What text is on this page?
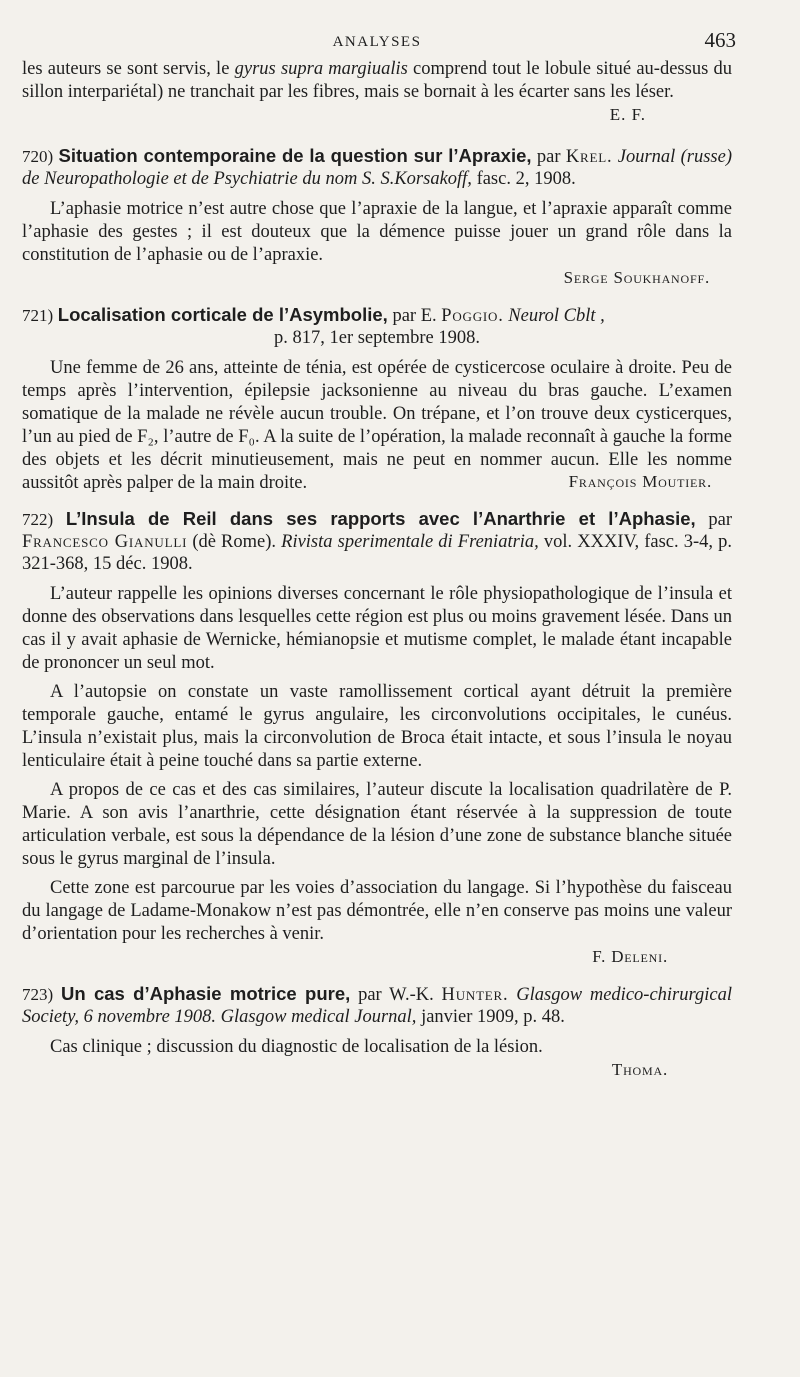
ANALYSES	463

les auteurs se sont servis, le gyrus supra margiualis comprend tout le lobule situé au-dessus du sillon interpariétal) ne tranchait par les fibres, mais se bornait à les écarter sans les léser.

E. F.

720) Situation contemporaine de la question sur l’Apraxie, par Krel. Journal (russe) de Neuropathologie et de Psychiatrie du nom S. S.Korsakoff, fasc. 2, 1908.

L’aphasie motrice n’est autre chose que l’apraxie de la langue, et l’apraxie apparaît comme l’aphasie des gestes ; il est douteux que la démence puisse jouer un grand rôle dans la constitution de l’aphasie ou de l’apraxie.

Serge Soukhanoff.

721) Localisation corticale de l’Asymbolie, par E. Poggio. Neurol Cblt ,
p. 817, 1er septembre 1908.

Une femme de 26 ans, atteinte de ténia, est opérée de cysticercose oculaire à droite. Peu de temps après l’intervention, épilepsie jacksonienne au niveau du bras gauche. L’examen somatique de la malade ne révèle aucun trouble. On trépane, et l’on trouve deux cysticerques, l’un au pied de F₂, l’autre de F₀. A la suite de l’opération, la malade reconnaît à gauche la forme des objets et les décrit minutieusement, mais ne peut en nommer aucun. Elle les nomme aussitôt après palper de la main droite.	François Moutier.

722) L’Insula de Reil dans ses rapports avec l’Anarthrie et l’Aphasie, par Francesco Gianulli (dè Rome). Rivista sperimentale di Freniatria, vol. XXXIV, fasc. 3-4, p. 321-368, 15 déc. 1908.

L’auteur rappelle les opinions diverses concernant le rôle physiopathologique de l’insula et donne des observations dans lesquelles cette région est plus ou moins gravement lésée. Dans un cas il y avait aphasie de Wernicke, hémianopsie et mutisme complet, le malade étant incapable de prononcer un seul mot.

A l’autopsie on constate un vaste ramollissement cortical ayant détruit la première temporale gauche, entamé le gyrus angulaire, les circonvolutions occipitales, le cunéus. L’insula n’existait plus, mais la circonvolution de Broca était intacte, et sous l’insula le noyau lenticulaire était à peine touché dans sa partie externe.

A propos de ce cas et des cas similaires, l’auteur discute la localisation quadrilatère de P. Marie. A son avis l’anarthrie, cette désignation étant réservée à la suppression de toute articulation verbale, est sous la dépendance de la lésion d’une zone de substance blanche située sous le gyrus marginal de l’insula.

Cette zone est parcourue par les voies d’association du langage. Si l’hypothèse du faisceau du langage de Ladame-Monakow n’est pas démontrée, elle n’en conserve pas moins une valeur d’orientation pour les recherches à venir.

F. Deleni.

723) Un cas d’Aphasie motrice pure, par W.-K. Hunter. Glasgow medico-chirurgical Society, 6 novembre 1908. Glasgow medical Journal, janvier 1909, p. 48.

Cas clinique ; discussion du diagnostic de localisation de la lésion.

Thoma.
